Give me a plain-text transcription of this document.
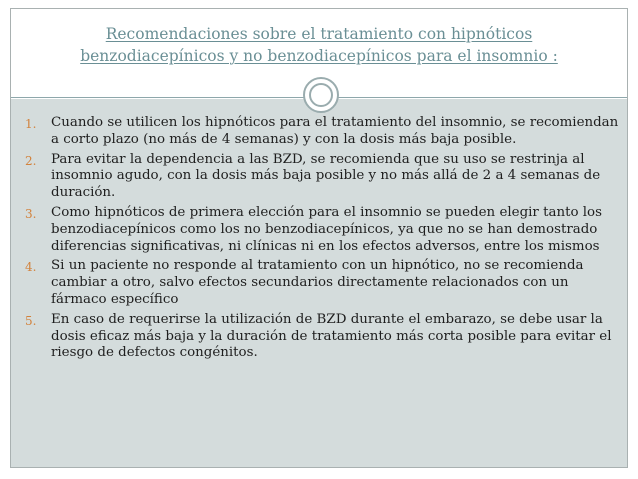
Recomendaciones sobre el tratamiento con hipnóticos
benzodiacepínicos y no benzodiacepínicos para el insomnio :
1. Cuando se utilicen los hipnóticos para el tratamiento del insomnio, se recomiendan a corto plazo (no más de 4 semanas) y con la dosis más baja posible.
2. Para evitar la dependencia a las BZD, se recomienda que su uso se restrinja al insomnio agudo, con la dosis más baja posible y no más allá de 2 a 4 semanas de duración.
3. Como hipnóticos de primera elección para el insomnio se pueden elegir tanto los benzodiacepínicos como los no benzodiacepínicos, ya que no se han demostrado diferencias significativas, ni clínicas ni en los efectos adversos, entre los mismos
4. Si un paciente no responde al tratamiento con un hipnótico, no se recomienda cambiar a otro, salvo efectos secundarios directamente relacionados con un fármaco específico
5. En caso de requerirse la utilización de BZD durante el embarazo, se debe usar la dosis eficaz más baja y la duración de tratamiento más corta posible para evitar el riesgo de defectos congénitos.
